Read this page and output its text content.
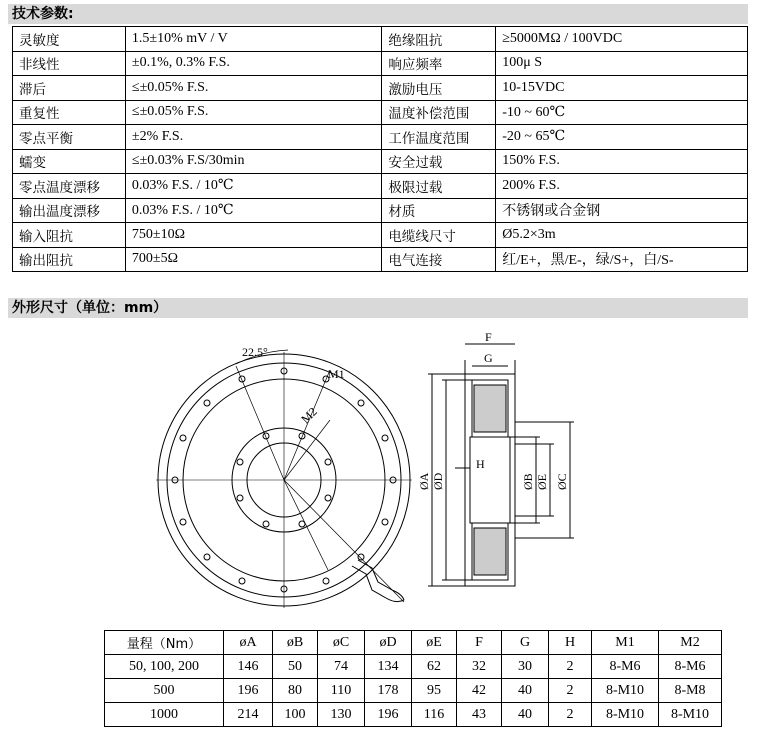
技术参数:
灵敏度	1.5±10% mV / V	绝缘阻抗	≥5000MΩ / 100VDC
非线性	±0.1%, 0.3% F.S.	响应频率	100μ S
滞后	≤±0.05% F.S.	激励电压	10-15VDC
重复性	≤±0.05% F.S.	温度补偿范围	-10 ~ 60℃
零点平衡	±2% F.S.	工作温度范围	-20 ~ 65℃
蠕变	≤±0.03% F.S/30min	安全过载	150% F.S.
零点温度漂移	0.03% F.S. / 10℃	极限过载	200% F.S.
输出温度漂移	0.03% F.S. / 10℃	材质	不锈钢或合金钢
输入阻抗	750±10Ω	电缆线尺寸	Ø5.2×3m
输出阻抗	700±5Ω	电气连接	红/E+，黑/E-，绿/S+，白/S-
外形尺寸（单位：mm）
22.5°
M1
M2
F
G
H
ØA ØD	ØB ØE ØC
量程（Nm）	øA	øB	øC	øD	øE	F	G	H	M1	M2
50, 100, 200	146	50	74	134	62	32	30	2	8-M6	8-M6
500	196	80	110	178	95	42	40	2	8-M10	8-M8
1000	214	100	130	196	116	43	40	2	8-M10	8-M10
